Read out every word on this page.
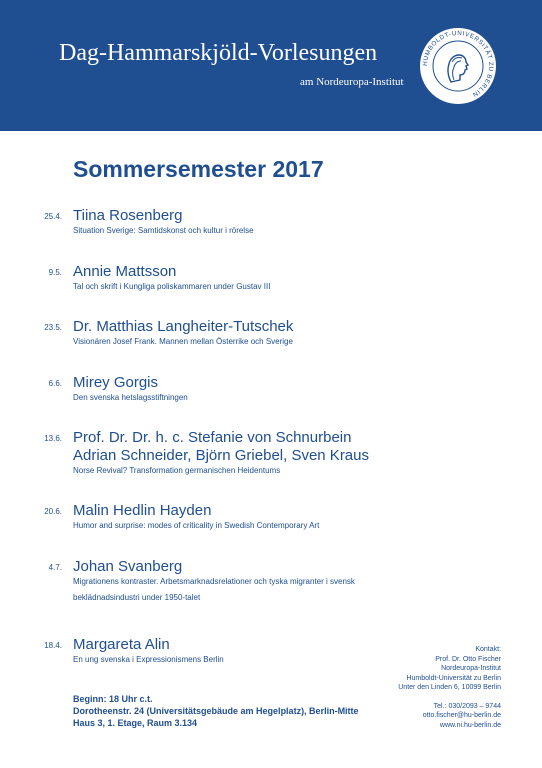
Dag-Hammarskjöld-Vorlesungen
am Nordeuropa-Institut
HUMBOLDT-UNIVERSITÄT ZU BERLIN
Sommersemester 2017
25.4. Tiina Rosenberg
Situation Sverige: Samtidskonst och kultur i rörelse
9.5. Annie Mattsson
Tal och skrift i Kungliga poliskammaren under Gustav III
23.5. Dr. Matthias Langheiter-Tutschek
Visionären Josef Frank. Mannen mellan Österrike och Sverige
6.6. Mirey Gorgis
Den svenska hetslagsstiftningen
13.6. Prof. Dr. Dr. h. c. Stefanie von Schnurbein
Adrian Schneider, Björn Griebel, Sven Kraus
Norse Revival? Transformation germanischen Heidentums
20.6. Malin Hedlin Hayden
Humor and surprise: modes of criticality in Swedish Contemporary Art
4.7. Johan Svanberg
Migrationens kontraster. Arbetsmarknadsrelationer och tyska migranter i svensk
beklädnadsindustri under 1950-talet
18.4. Margareta Alin
En ung svenska i Expressionismens Berlin
Beginn: 18 Uhr c.t.
Dorotheenstr. 24 (Universitätsgebäude am Hegelplatz), Berlin-Mitte
Haus 3, 1. Etage, Raum 3.134
Kontakt:
Prof. Dr. Otto Fischer
Nordeuropa-Institut
Humboldt-Universität zu Berlin
Unter den Linden 6, 10099 Berlin
Tel.: 030/2093 – 9744
otto.fischer@hu-berlin.de
www.ni.hu-berlin.de
